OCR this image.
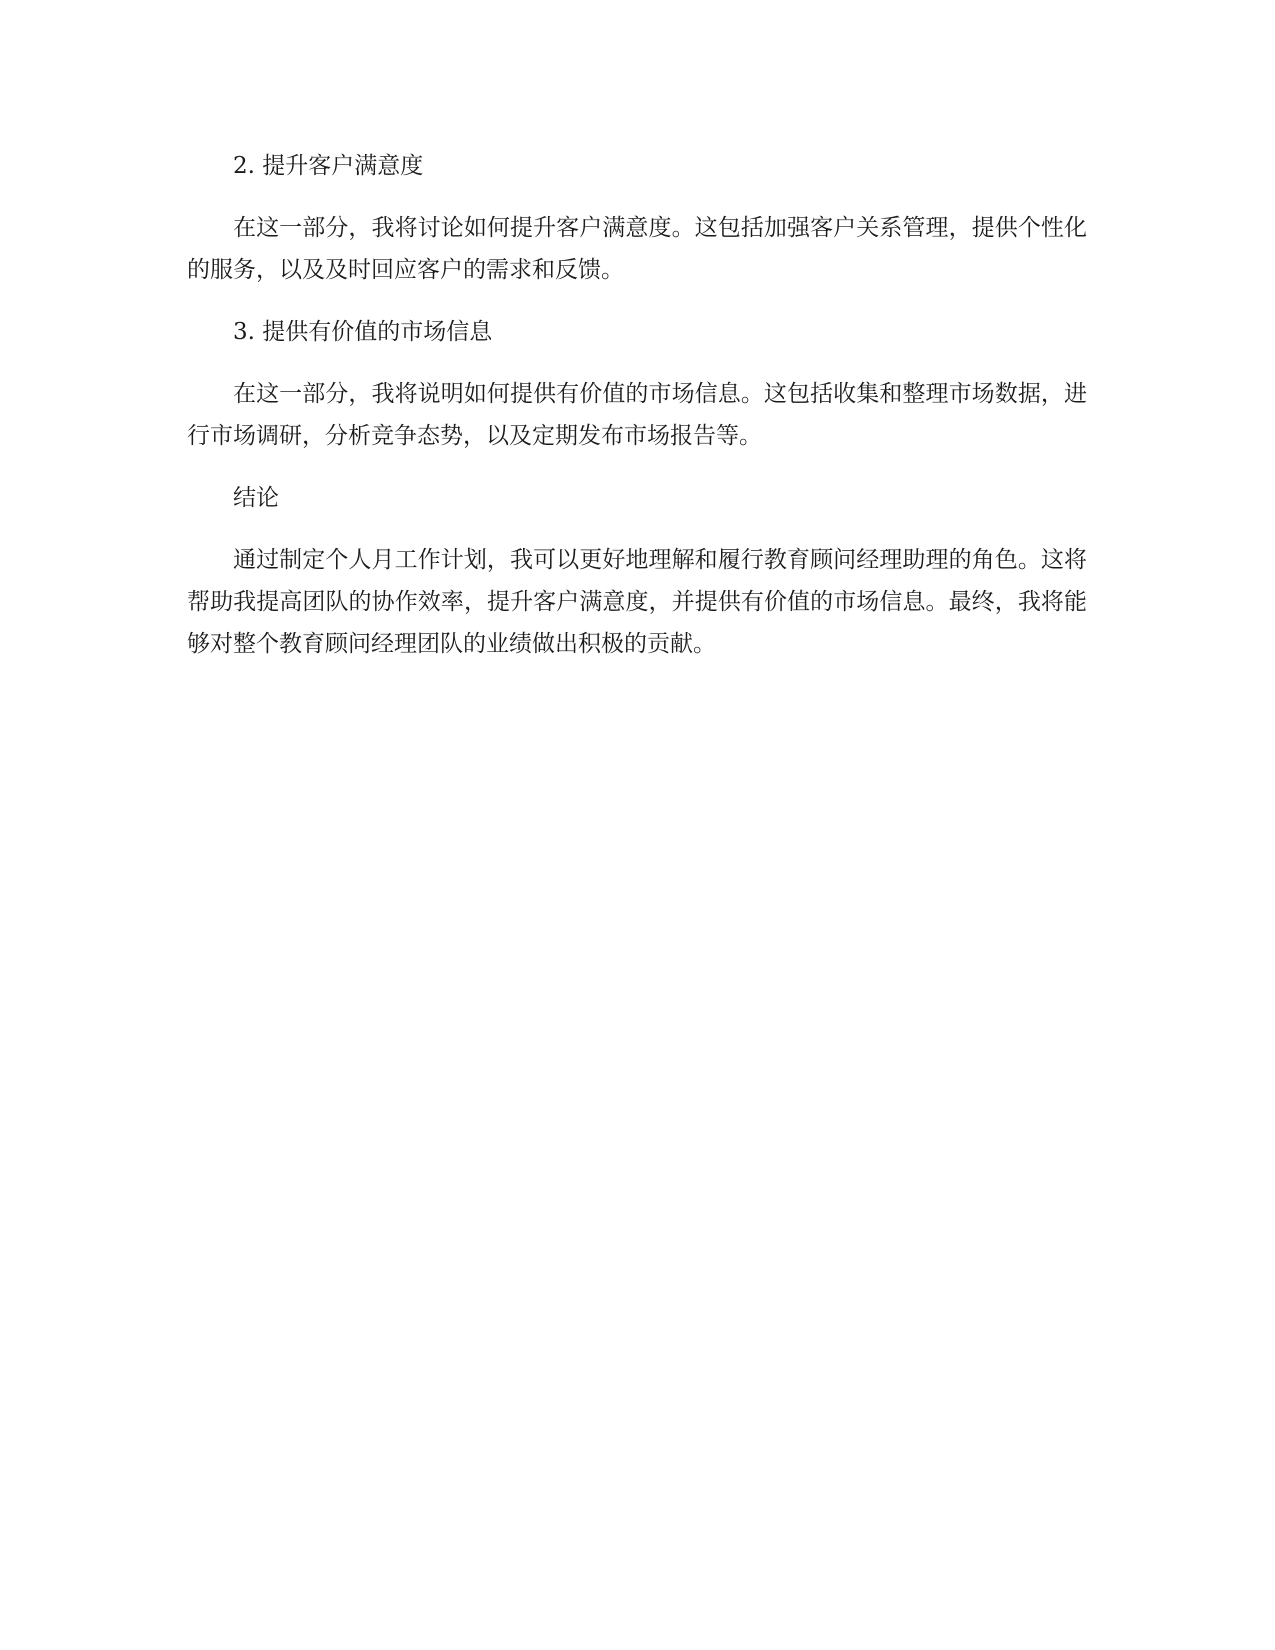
2. 提升客户满意度

在这一部分，我将讨论如何提升客户满意度。这包括加强客户关系管理，提供个性化的服务，以及及时回应客户的需求和反馈。

3. 提供有价值的市场信息

在这一部分，我将说明如何提供有价值的市场信息。这包括收集和整理市场数据，进行市场调研，分析竞争态势，以及定期发布市场报告等。

结论

通过制定个人月工作计划，我可以更好地理解和履行教育顾问经理助理的角色。这将帮助我提高团队的协作效率，提升客户满意度，并提供有价值的市场信息。最终，我将能够对整个教育顾问经理团队的业绩做出积极的贡献。
